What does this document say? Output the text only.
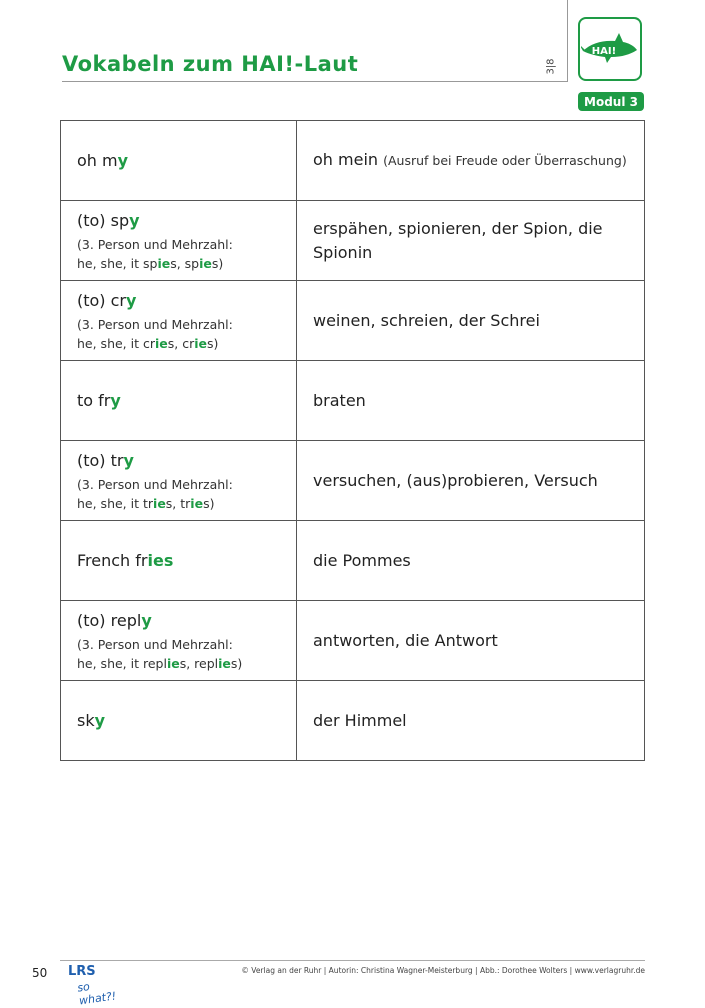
Vokabeln zum HAI!-Laut	3|8
HAI!
Modul 3
oh my	oh mein (Ausruf bei Freude oder Überraschung)

(to) spy
(3. Person und Mehrzahl:
he, she, it spies, spies)	erspähen, spionieren, der Spion, die Spionin

(to) cry
(3. Person und Mehrzahl:
he, she, it cries, cries)	weinen, schreien, der Schrei

to fry	braten

(to) try
(3. Person und Mehrzahl:
he, she, it tries, tries)	versuchen, (aus)probieren, Versuch

French fries	die Pommes

(to) reply
(3. Person und Mehrzahl:
he, she, it replies, replies)	antworten, die Antwort

sky	der Himmel
50 LRS
so what?!
© Verlag an der Ruhr | Autorin: Christina Wagner-Meisterburg | Abb.: Dorothee Wolters | www.verlagruhr.de
